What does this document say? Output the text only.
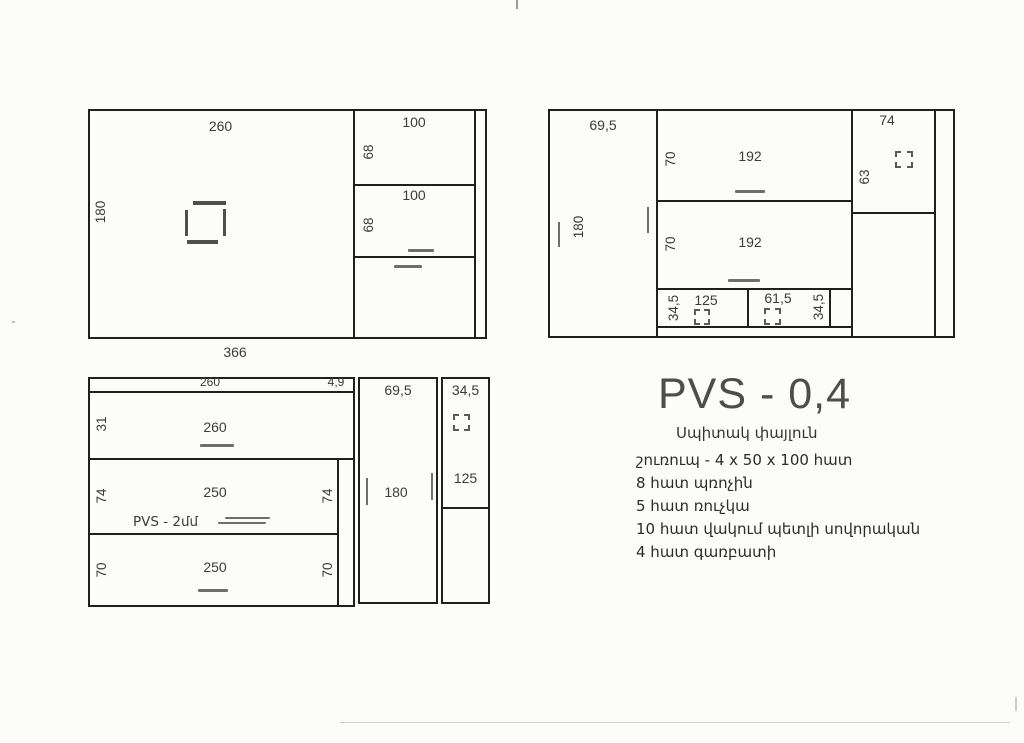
260
180
100
68
100
68
366
69,5
180
70	192
70	192
34,5 125	61,5	34,5
74
63
260	4,9
31	260
74	250	74
PVS - 2մմ
70	250	70
69,5
180
34,5
125
PVS - 0,4
Սպիտակ փայլուն
շուռուպ - 4 x 50 x 100 հատ
8 հատ պռոչին
5 հատ ռուչկա
10 հատ վակում պետլի սովորական
4 հատ գառբատի
